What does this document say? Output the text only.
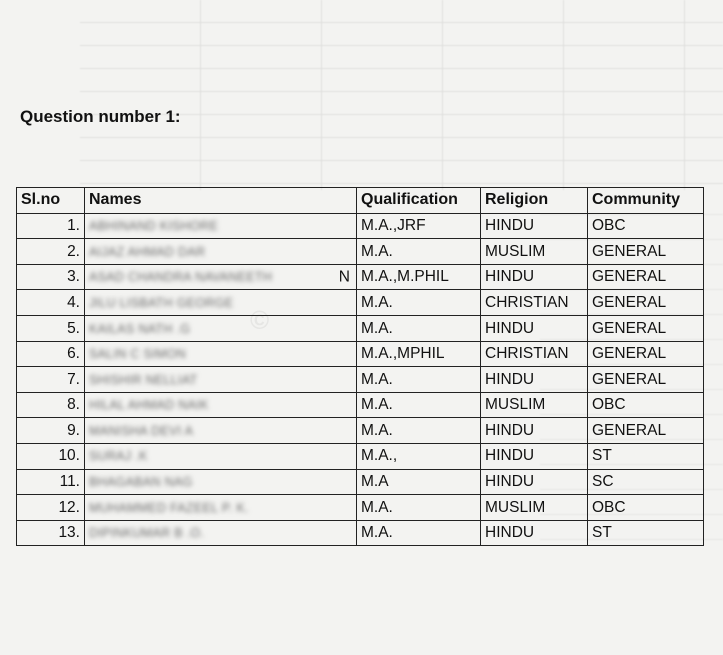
©
Question number 1:
Sl.no	Names	Qualification	Religion	Community
1.	ABHINAND KISHORE	M.A.,JRF	HINDU	OBC
2.	AIJAZ AHMAD DAR	M.A.	MUSLIM	GENERAL
3.	ASAD CHANDRA NAVANEETH N	M.A.,M.PHIL	HINDU	GENERAL
4.	JILU LISBATH GEORGE	M.A.	CHRISTIAN	GENERAL
5.	KAILAS NATH .G	M.A.	HINDU	GENERAL
6.	SALIN C SIMON	M.A.,MPHIL	CHRISTIAN	GENERAL
7.	SHISHIR NELLIAT	M.A.	HINDU	GENERAL
8.	HILAL AHMAD NAIK	M.A.	MUSLIM	OBC
9.	MANISHA DEVI A	M.A.	HINDU	GENERAL
10.	SURAJ .K	M.A.,	HINDU	ST
11.	BHAGABAN NAG	M.A	HINDU	SC
12.	MUHAMMED FAZEEL P. K.	M.A.	MUSLIM	OBC
13.	DIPINKUMAR B .O.	M.A.	HINDU	ST
